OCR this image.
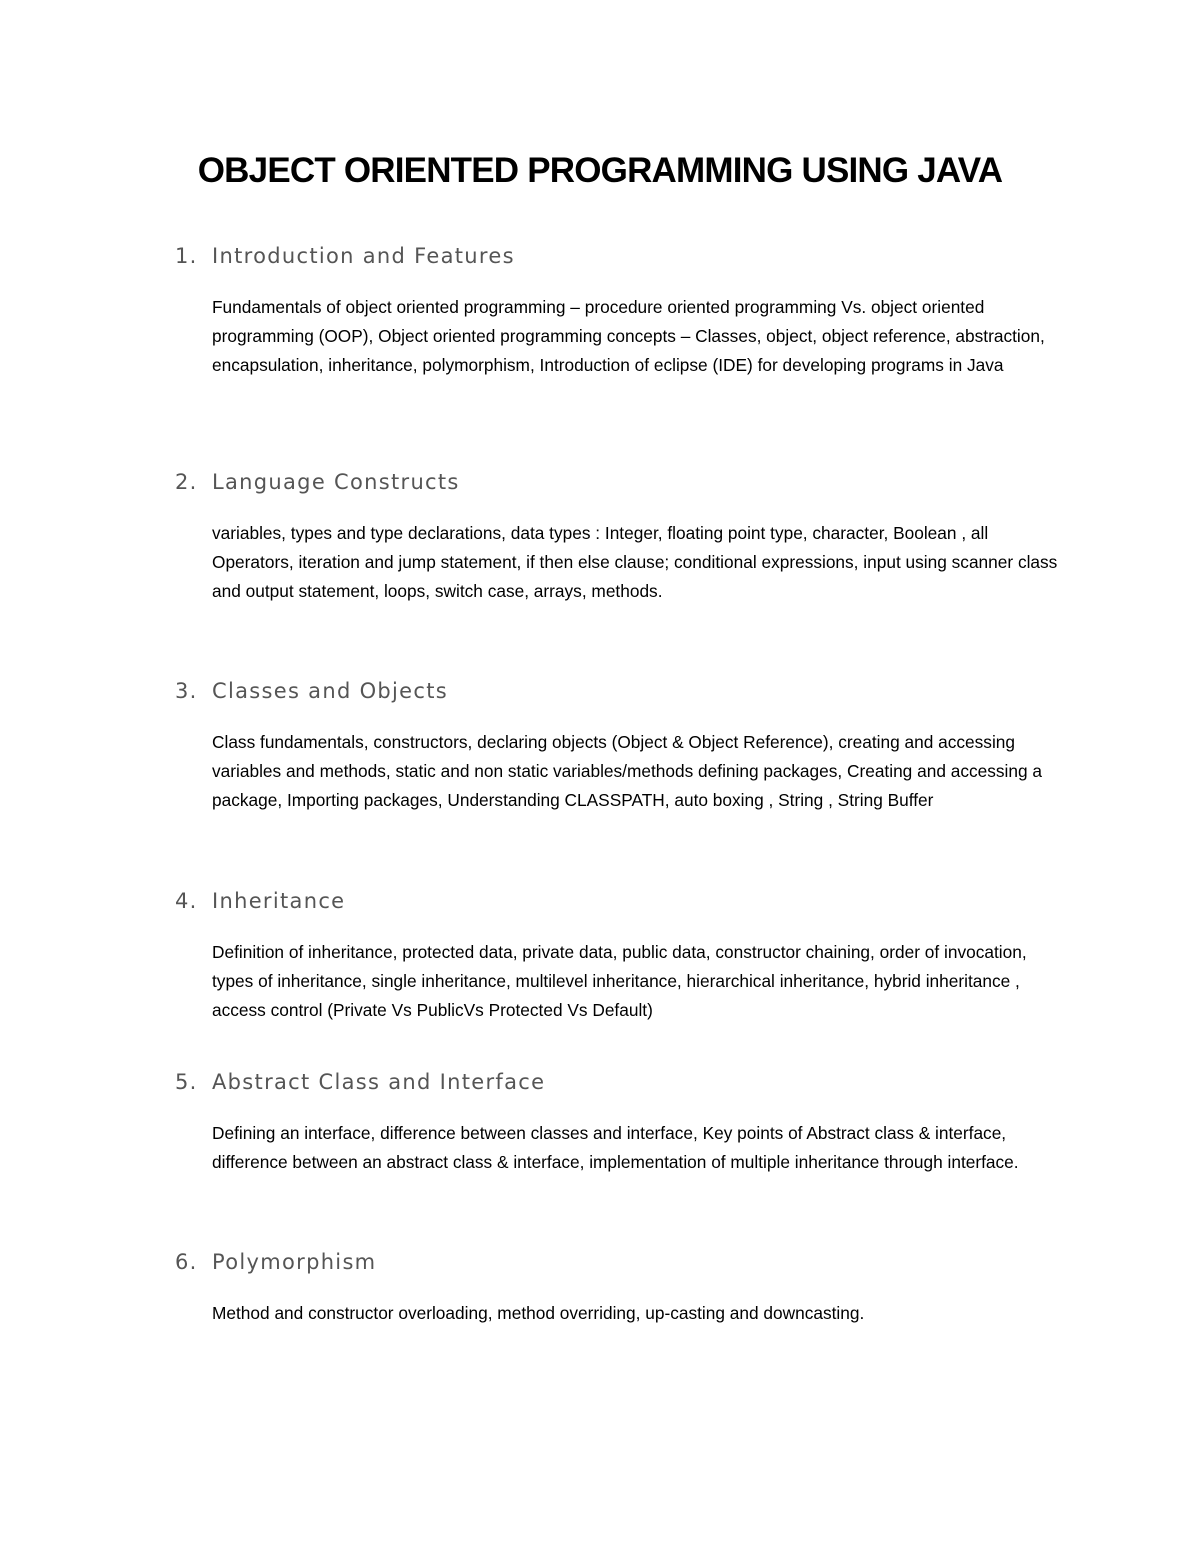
OBJECT ORIENTED PROGRAMMING USING JAVA
1. Introduction and Features

Fundamentals of object oriented programming – procedure oriented programming Vs. object oriented programming (OOP), Object oriented programming concepts – Classes, object, object reference, abstraction, encapsulation, inheritance, polymorphism, Introduction of eclipse (IDE) for developing programs in Java

2. Language Constructs

variables, types and type declarations, data types : Integer, floating point type, character, Boolean , all Operators, iteration and jump statement, if then else clause; conditional expressions, input using scanner class and output statement, loops, switch case, arrays, methods.

3. Classes and Objects

Class fundamentals, constructors, declaring objects (Object & Object Reference), creating and accessing variables and methods, static and non static variables/methods defining packages, Creating and accessing a package, Importing packages, Understanding CLASSPATH, auto boxing , String , String Buffer

4. Inheritance

Definition of inheritance, protected data, private data, public data, constructor chaining, order of invocation, types of inheritance, single inheritance, multilevel inheritance, hierarchical inheritance, hybrid inheritance , access control (Private Vs PublicVs Protected Vs Default)

5. Abstract Class and Interface

Defining an interface, difference between classes and interface, Key points of Abstract class & interface, difference between an abstract class & interface, implementation of multiple inheritance through interface.

6. Polymorphism

Method and constructor overloading, method overriding, up-casting and downcasting.
